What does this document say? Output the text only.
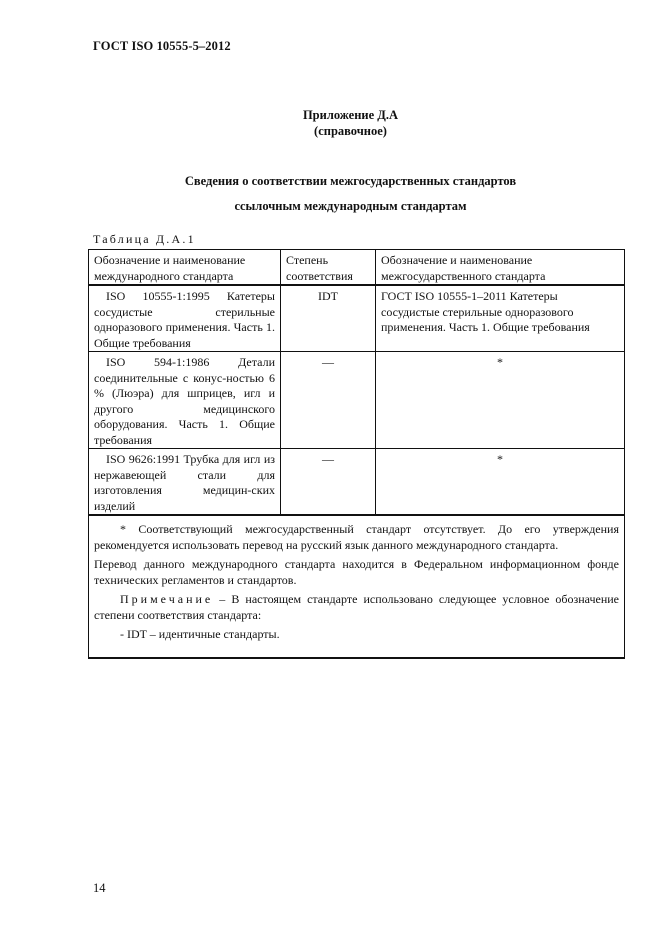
ГОСТ ISO 10555-5–2012
Приложение Д.А
(справочное)
Сведения о соответствии межгосударственных стандартов
ссылочным международным стандартам
Таблица Д.А.1
Обозначение и наименование международного стандарта	Степень соответствия	Обозначение и наименование межгосударственного стандарта
ISO 10555-1:1995 Катетеры сосудистые стерильные одноразового применения. Часть 1. Общие требования	IDT	ГОСТ ISO 10555-1–2011 Катетеры сосудистые стерильные одноразового применения. Часть 1. Общие требования
ISO 594-1:1986 Детали соединительные с конус-ностью 6 % (Люэра) для шприцев, игл и другого медицинского оборудования. Часть 1. Общие требования	—	*
ISO 9626:1991 Трубка для игл из нержавеющей стали для изготовления медицин-ских изделий	—	*

* Соответствующий межгосударственный стандарт отсутствует. До его утверждения рекомендуется использовать перевод на русский язык данного международного стандарта.

Перевод данного международного стандарта находится в Федеральном информационном фонде технических регламентов и стандартов.

Примечание – В настоящем стандарте использовано следующее условное обозначение степени соответствия стандарта:

- IDT – идентичные стандарты.		

14
